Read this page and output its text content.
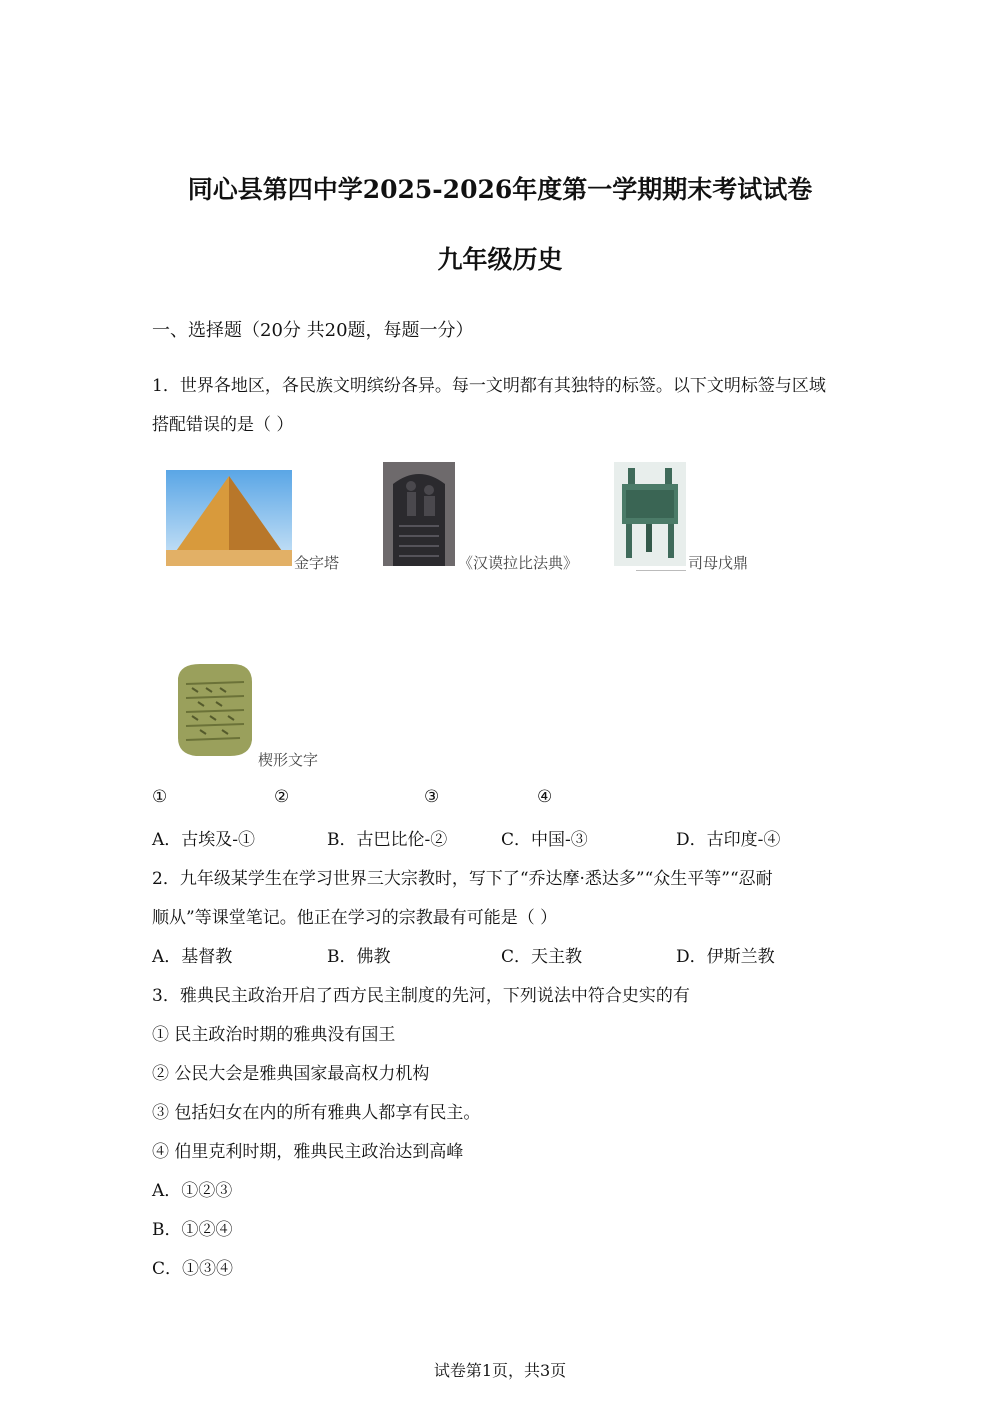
同心县第四中学2025-2026年度第一学期期末考试试卷
九年级历史
一、选择题（20分 共20题，每题一分）
1．世界各地区，各民族文明缤纷各异。每一文明都有其独特的标签。以下文明标签与区域
搭配错误的是（ ）
金字塔	《汉谟拉比法典》	司母戊鼎
楔形文字
①	②	③	④
A．古埃及-①	B．古巴比伦-②	C．中国-③	D．古印度-④
2．九年级某学生在学习世界三大宗教时，写下了“乔达摩·悉达多”“众生平等”“忍耐
顺从”等课堂笔记。他正在学习的宗教最有可能是（ ）
A．基督教	B．佛教	C．天主教	D．伊斯兰教
3．雅典民主政治开启了西方民主制度的先河，下列说法中符合史实的有
① 民主政治时期的雅典没有国王
② 公民大会是雅典国家最高权力机构
③ 包括妇女在内的所有雅典人都享有民主。
④ 伯里克利时期，雅典民主政治达到高峰
A．①②③
B．①②④
C．①③④
试卷第1页，共3页
